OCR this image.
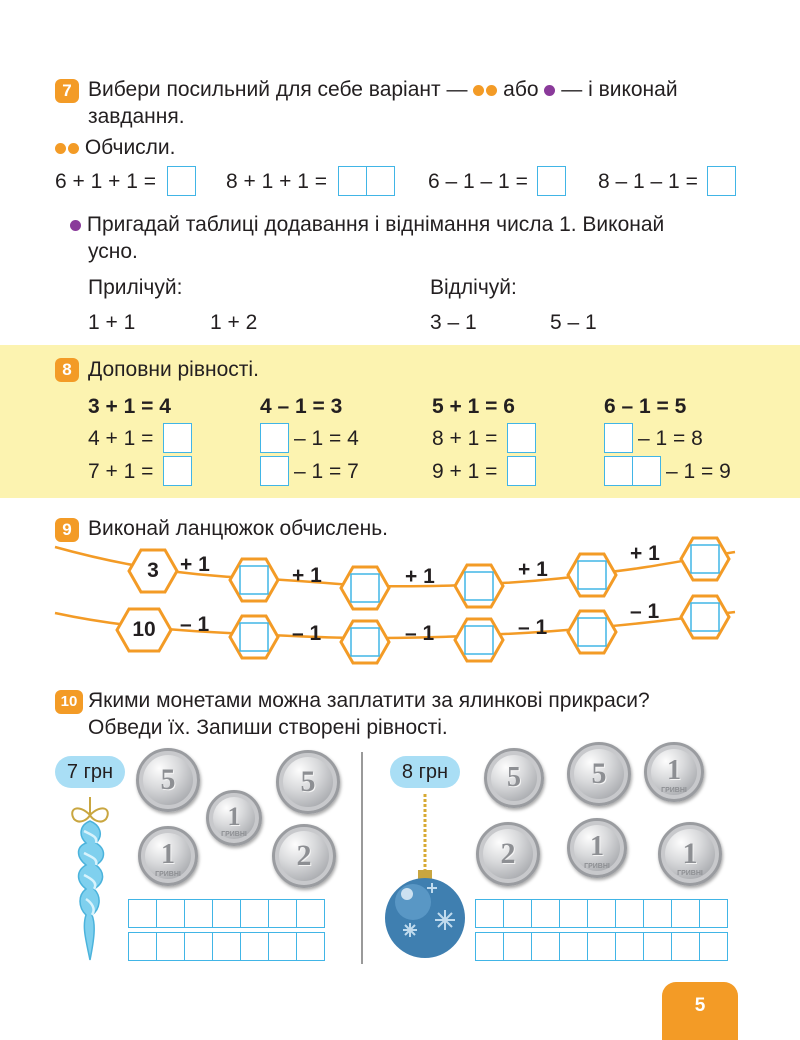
7 Вибери посильний для себе варіант — або — і виконай
завдання.
Обчисли.
6 + 1 + 1 =	8 + 1 + 1 =	6 – 1 – 1 =	8 – 1 – 1 =
Пригадай таблиці додавання і віднімання числа 1. Виконай
усно.
Прилічуй:	Відлічуй:
1 + 1	1 + 2	3 – 1	5 – 1
8 Доповни рівності.
3 + 1 = 4	4 – 1 = 3	5 + 1 = 6	6 – 1 = 5
4 + 1 =	– 1 = 4	8 + 1 =	– 1 = 8
7 + 1 =	– 1 = 7	9 + 1 =	– 1 = 9
9 Виконай ланцюжок обчислень.
3	+ 1	+ 1	+ 1	+ 1
+ 1
10	– 1	– 1	– 1	– 1
– 1
10 Якими монетами можна заплатити за ялинкові прикраси?
Обведи їх. Запиши створені рівності.
7 грн	8 грн
5
1
ГРИВНІ
5
1
ГРИВНІ
2
5	5	1
ГРИВНІ
2	1
ГРИВНІ	1
ГРИВНІ

5
